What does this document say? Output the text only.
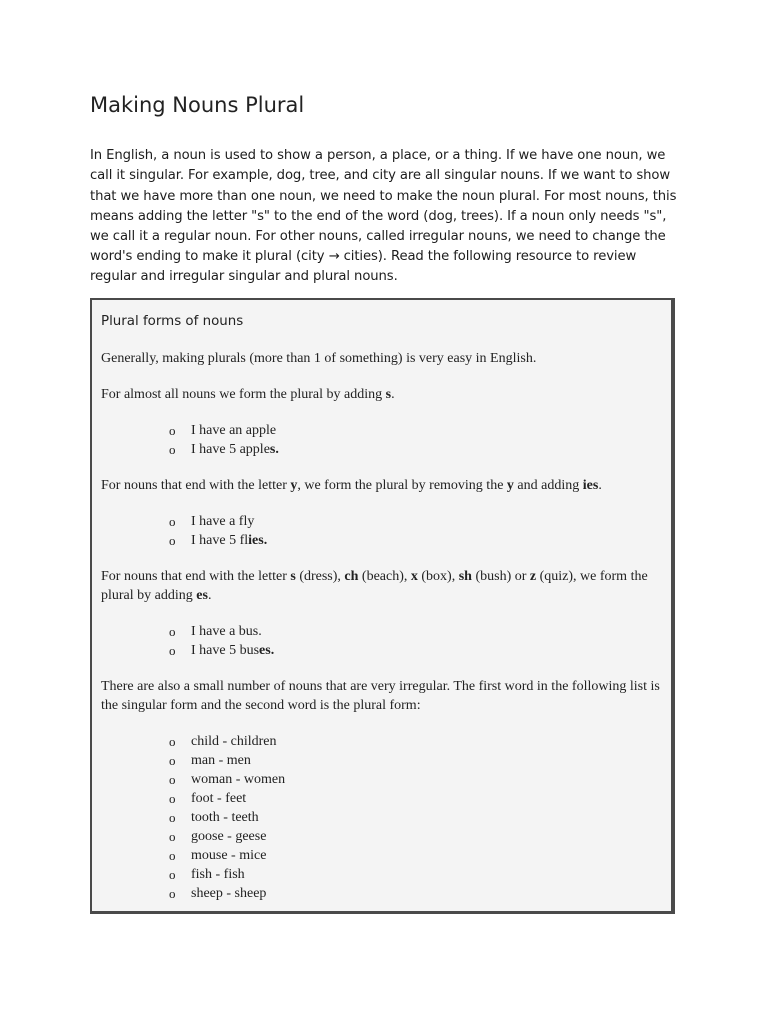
Making Nouns Plural

In English, a noun is used to show a person, a place, or a thing. If we have one noun, we call it singular. For example, dog, tree, and city are all singular nouns. If we want to show that we have more than one noun, we need to make the noun plural. For most nouns, this means adding the letter "s" to the end of the word (dog, trees). If a noun only needs "s", we call it a regular noun. For other nouns, called irregular nouns, we need to change the word's ending to make it plural (city → cities). Read the following resource to review regular and irregular singular and plural nouns.

Plural forms of nouns

Generally, making plurals (more than 1 of something) is very easy in English.

For almost all nouns we form the plural by adding s.

o I have an apple
o I have 5 apples.

For nouns that end with the letter y, we form the plural by removing the y and adding ies.

o I have a fly
o I have 5 flies.

For nouns that end with the letter s (dress), ch (beach), x (box), sh (bush) or z (quiz), we form the plural by adding es.

o I have a bus.
o I have 5 buses.

There are also a small number of nouns that are very irregular. The first word in the following list is the singular form and the second word is the plural form:

o child - children
o man - men
o woman - women
o foot - feet
o tooth - teeth
o goose - geese
o mouse - mice
o fish - fish
o sheep - sheep
